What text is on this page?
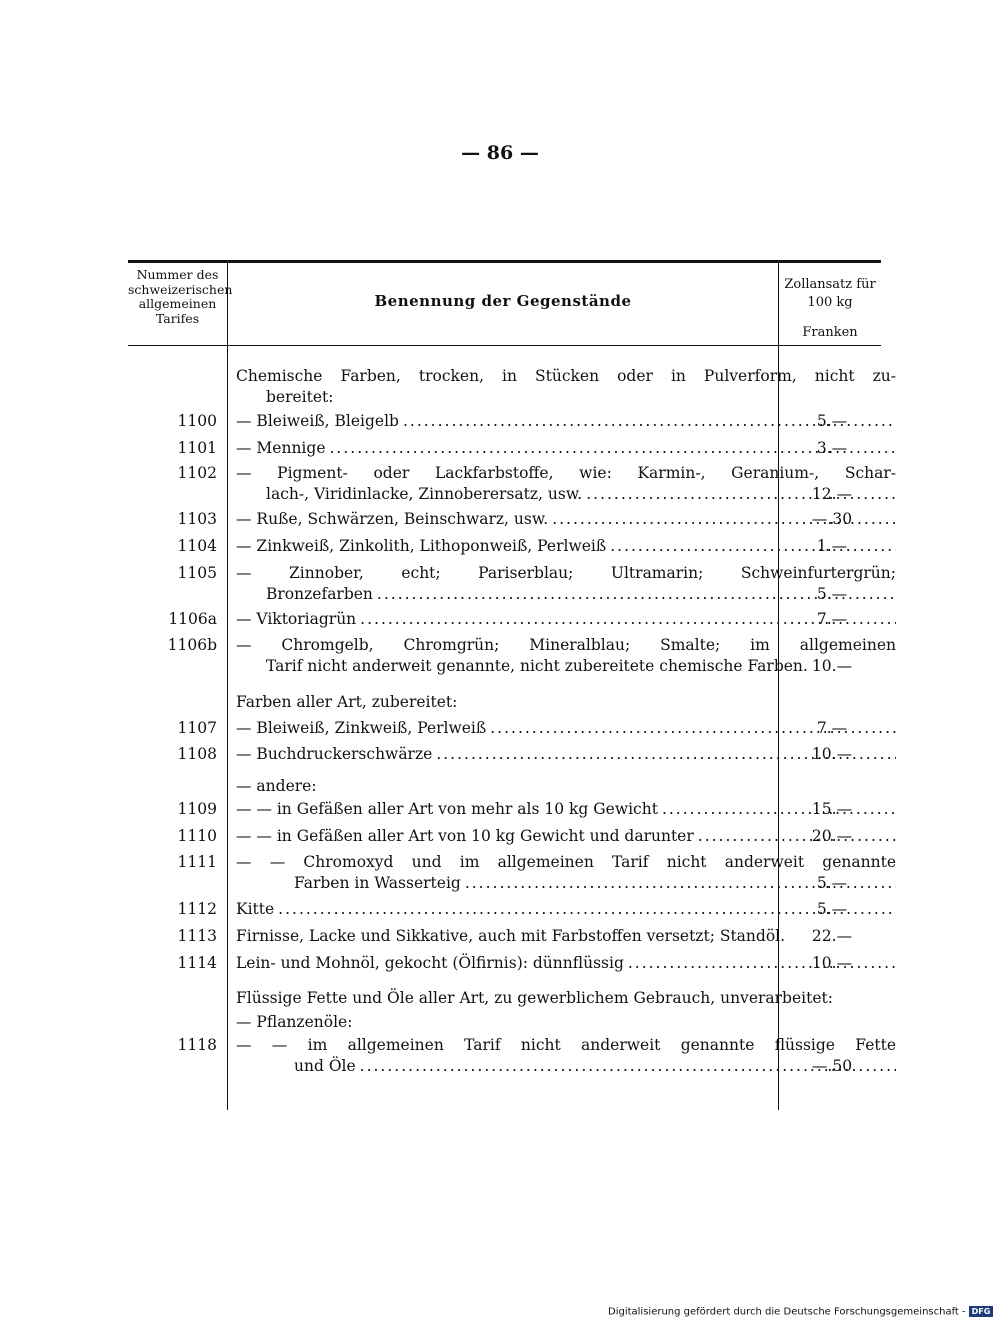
— 86 —
Nummer des
schweizerischen
allgemeinen
Tarifes
Benennung der Gegenstände
Zollansatz für
100 kg
Franken
Chemische Farben, trocken, in Stücken oder in Pulverform, nicht zu-
bereitet:
1100 — Bleiweiß, Bleigelb .....	5.—
1101 — Mennige .....	3.—
1102 — Pigment- oder Lackfarbstoffe, wie: Karmin-, Geranium-, Schar-
lach-, Viridinlacke, Zinnoberersatz, usw. .....	12.—
1103 — Ruße, Schwärzen, Beinschwarz, usw. .....	—.30
1104 — Zinkweiß, Zinkolith, Lithoponweiß, Perlweiß .....	1.—
1105 — Zinnober, echt; Pariserblau; Ultramarin; Schweinfurtergrün;
Bronzefarben .....	5.—
1106a — Viktoriagrün .....	7.—
1106b — Chromgelb, Chromgrün; Mineralblau; Smalte; im allgemeinen
Tarif nicht anderweit genannte, nicht zubereitete chemische Farben. 10.—
Farben aller Art, zubereitet:
1107 — Bleiweiß, Zinkweiß, Perlweiß .....	7.—
1108 — Buchdruckerschwärze .....	10.—
— andere:
1109 — — in Gefäßen aller Art von mehr als 10 kg Gewicht .....	15.—
1110 — — in Gefäßen aller Art von 10 kg Gewicht und darunter .....	20.—
1111 — — Chromoxyd und im allgemeinen Tarif nicht anderweit genannte
Farben in Wasserteig .....	5.—
1112 Kitte .....	5.—
1113 Firnisse, Lacke und Sikkative, auch mit Farbstoffen versetzt; Standöl.	22.—
1114 Lein- und Mohnöl, gekocht (Ölfirnis): dünnflüssig .....	10.—
Flüssige Fette und Öle aller Art, zu gewerblichem Gebrauch, unverarbeitet:
— Pflanzenöle:
1118 — — im allgemeinen Tarif nicht anderweit genannte flüssige Fette
und Öle .....	—.50
Digitalisierung gefördert durch die Deutsche Forschungsgemeinschaft - DFG
